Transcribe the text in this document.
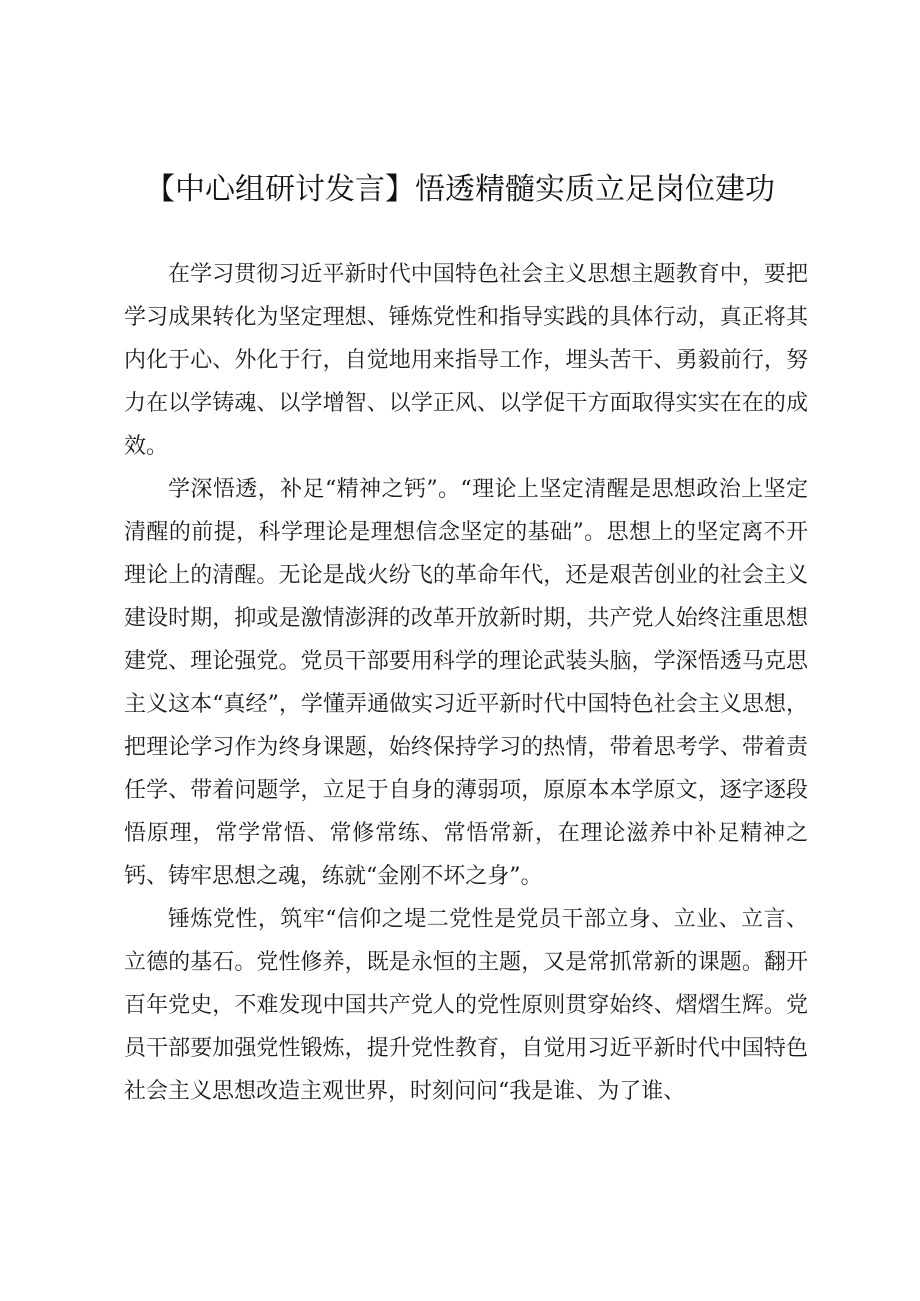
【中心组研讨发言】悟透精髓实质立足岗位建功

在学习贯彻习近平新时代中国特色社会主义思想主题教育中，要把学习成果转化为坚定理想、锤炼党性和指导实践的具体行动，真正将其内化于心、外化于行，自觉地用来指导工作，埋头苦干、勇毅前行，努力在以学铸魂、以学增智、以学正风、以学促干方面取得实实在在的成效。

学深悟透，补足“精神之钙”。“理论上坚定清醒是思想政治上坚定清醒的前提，科学理论是理想信念坚定的基础”。思想上的坚定离不开理论上的清醒。无论是战火纷飞的革命年代，还是艰苦创业的社会主义建设时期，抑或是激情澎湃的改革开放新时期，共产党人始终注重思想建党、理论强党。党员干部要用科学的理论武装头脑，学深悟透马克思主义这本“真经”，学懂弄通做实习近平新时代中国特色社会主义思想，把理论学习作为终身课题，始终保持学习的热情，带着思考学、带着责任学、带着问题学，立足于自身的薄弱项，原原本本学原文，逐字逐段悟原理，常学常悟、常修常练、常悟常新，在理论滋养中补足精神之钙、铸牢思想之魂，练就“金刚不坏之身”。

锤炼党性，筑牢“信仰之堤二党性是党员干部立身、立业、立言、立德的基石。党性修养，既是永恒的主题，又是常抓常新的课题。翻开百年党史，不难发现中国共产党人的党性原则贯穿始终、熠熠生辉。党员干部要加强党性锻炼，提升党性教育，自觉用习近平新时代中国特色社会主义思想改造主观世界，时刻问问“我是谁、为了谁、
